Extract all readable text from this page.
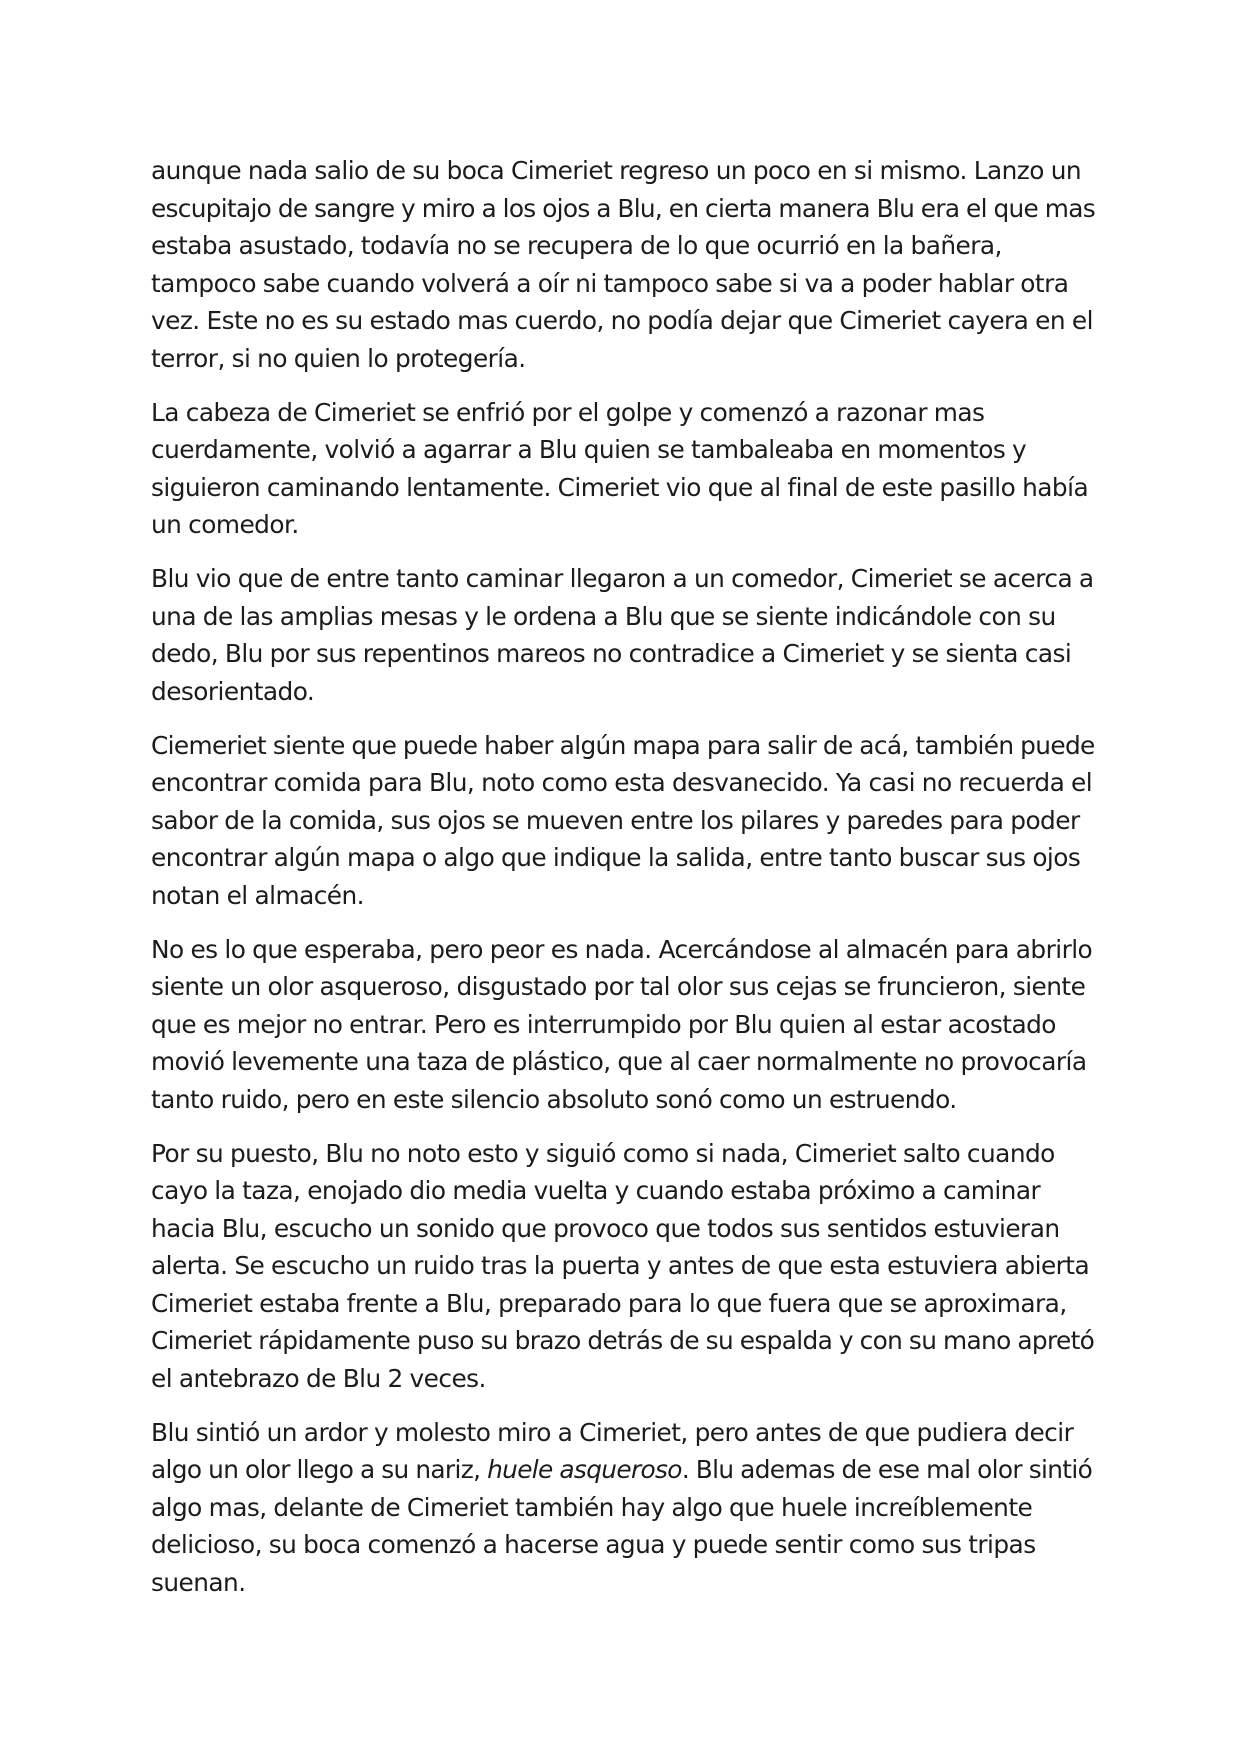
aunque nada salio de su boca Cimeriet regreso un poco en si mismo. Lanzo un
escupitajo de sangre y miro a los ojos a Blu, en cierta manera Blu era el que mas
estaba asustado, todavía no se recupera de lo que ocurrió en la bañera,
tampoco sabe cuando volverá a oír ni tampoco sabe si va a poder hablar otra
vez. Este no es su estado mas cuerdo, no podía dejar que Cimeriet cayera en el
terror, si no quien lo protegería.

La cabeza de Cimeriet se enfrió por el golpe y comenzó a razonar mas
cuerdamente, volvió a agarrar a Blu quien se tambaleaba en momentos y
siguieron caminando lentamente. Cimeriet vio que al final de este pasillo había
un comedor.

Blu vio que de entre tanto caminar llegaron a un comedor, Cimeriet se acerca a
una de las amplias mesas y le ordena a Blu que se siente indicándole con su
dedo, Blu por sus repentinos mareos no contradice a Cimeriet y se sienta casi
desorientado.

Ciemeriet siente que puede haber algún mapa para salir de acá, también puede
encontrar comida para Blu, noto como esta desvanecido. Ya casi no recuerda el
sabor de la comida, sus ojos se mueven entre los pilares y paredes para poder
encontrar algún mapa o algo que indique la salida, entre tanto buscar sus ojos
notan el almacén.

No es lo que esperaba, pero peor es nada. Acercándose al almacén para abrirlo
siente un olor asqueroso, disgustado por tal olor sus cejas se fruncieron, siente
que es mejor no entrar. Pero es interrumpido por Blu quien al estar acostado
movió levemente una taza de plástico, que al caer normalmente no provocaría
tanto ruido, pero en este silencio absoluto sonó como un estruendo.

Por su puesto, Blu no noto esto y siguió como si nada, Cimeriet salto cuando
cayo la taza, enojado dio media vuelta y cuando estaba próximo a caminar
hacia Blu, escucho un sonido que provoco que todos sus sentidos estuvieran
alerta. Se escucho un ruido tras la puerta y antes de que esta estuviera abierta
Cimeriet estaba frente a Blu, preparado para lo que fuera que se aproximara,
Cimeriet rápidamente puso su brazo detrás de su espalda y con su mano apretó
el antebrazo de Blu 2 veces.

Blu sintió un ardor y molesto miro a Cimeriet, pero antes de que pudiera decir
algo un olor llego a su nariz, huele asqueroso. Blu ademas de ese mal olor sintió
algo mas, delante de Cimeriet también hay algo que huele increíblemente
delicioso, su boca comenzó a hacerse agua y puede sentir como sus tripas
suenan.
